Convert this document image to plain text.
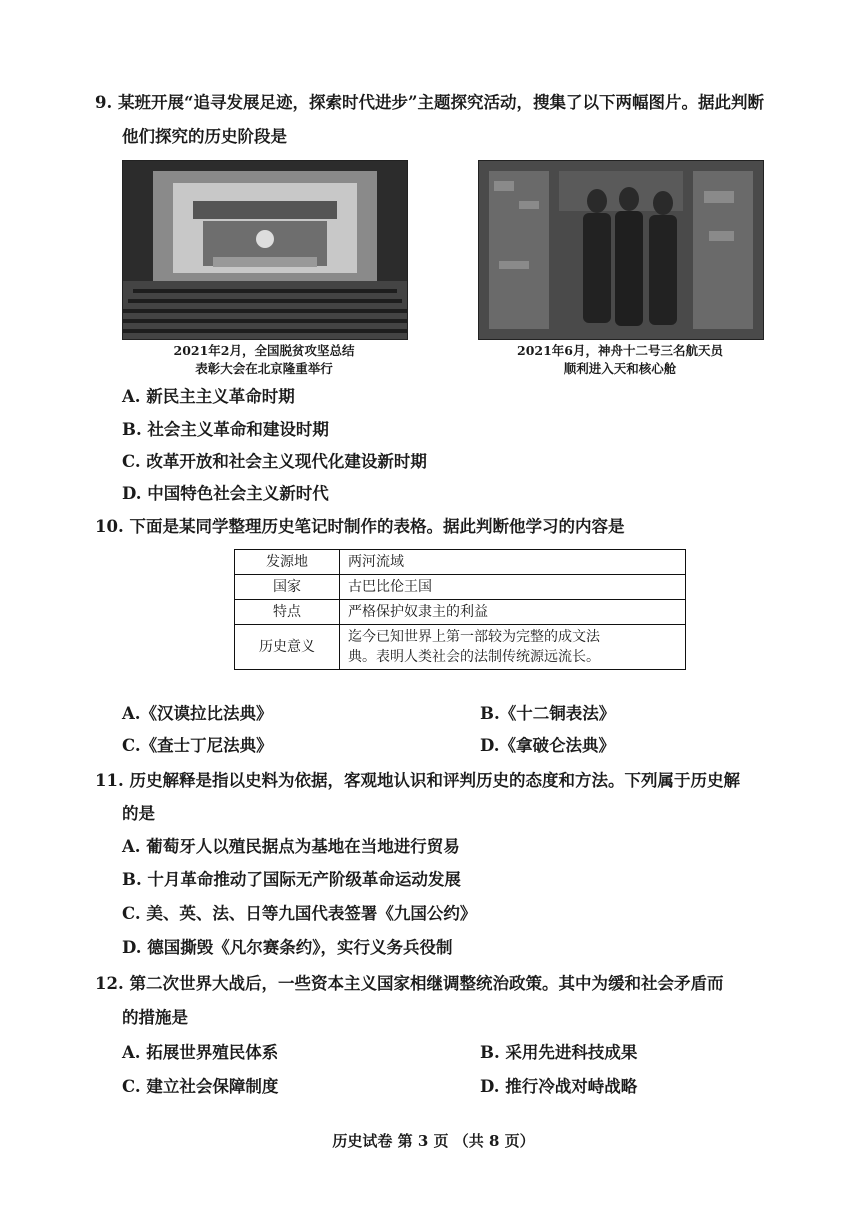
9. 某班开展“追寻发展足迹，探索时代进步”主题探究活动，搜集了以下两幅图片。据此判断
他们探究的历史阶段是
2021年2月，全国脱贫攻坚总结
表彰大会在北京隆重举行
2021年6月，神舟十二号三名航天员
顺利进入天和核心舱
A. 新民主主义革命时期
B. 社会主义革命和建设时期
C. 改革开放和社会主义现代化建设新时期
D. 中国特色社会主义新时代
10. 下面是某同学整理历史笔记时制作的表格。据此判断他学习的内容是
发源地	两河流域
国家	古巴比伦王国
特点	严格保护奴隶主的利益
历史意义	迄今已知世界上第一部较为完整的成文法
典。表明人类社会的法制传统源远流长。
A.《汉谟拉比法典》	B.《十二铜表法》
C.《查士丁尼法典》	D.《拿破仑法典》
11. 历史解释是指以史料为依据，客观地认识和评判历史的态度和方法。下列属于历史解
的是
A. 葡萄牙人以殖民据点为基地在当地进行贸易
B. 十月革命推动了国际无产阶级革命运动发展
C. 美、英、法、日等九国代表签署《九国公约》
D. 德国撕毁《凡尔赛条约》，实行义务兵役制
12. 第二次世界大战后，一些资本主义国家相继调整统治政策。其中为缓和社会矛盾而
的措施是
A. 拓展世界殖民体系	B. 采用先进科技成果
C. 建立社会保障制度	D. 推行冷战对峙战略
历史试卷 第 3 页 （共 8 页）
